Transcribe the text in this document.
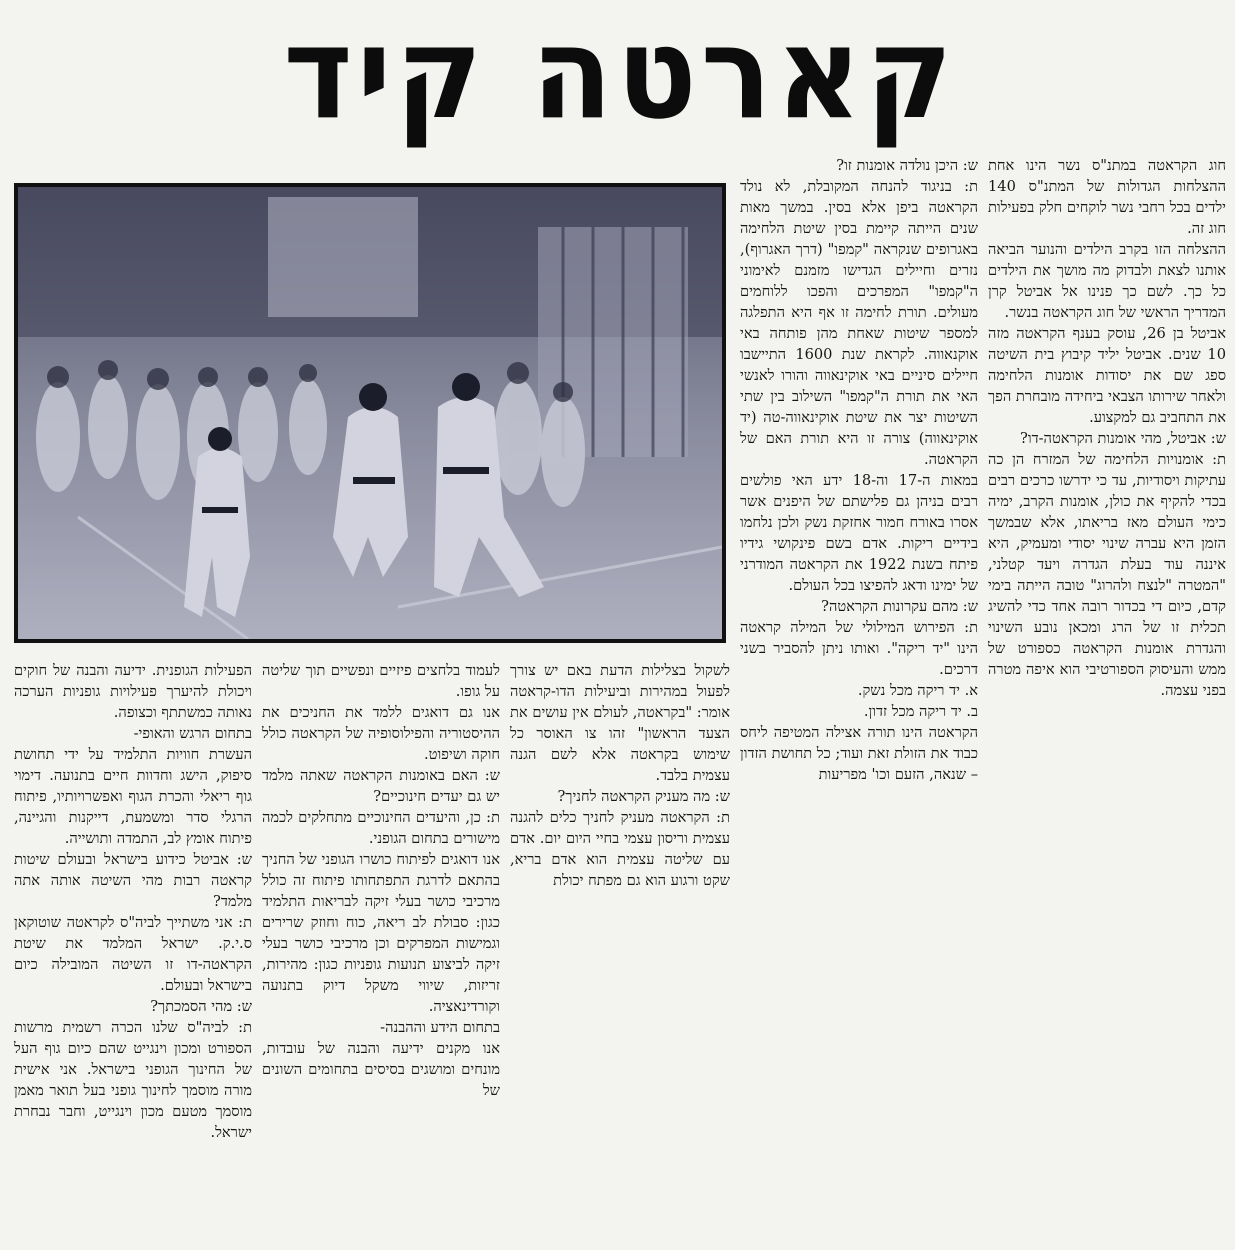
קארטה קיד

חוג הקראטה במתנ"ס נשר הינו אחת ההצלחות הגדולות של המתנ"ס 140 ילדים בכל רחבי נשר לוקחים חלק בפעילות חוג זה.

ההצלחה הזו בקרב הילדים והנוער הביאה אותנו לצאת ולבדוק מה מושך את הילדים כל כך. לשם כך פנינו אל אביטל קרן המדריך הראשי של חוג הקראטה בנשר.

אביטל בן 26, עוסק בענף הקראטה מזה 10 שנים. אביטל יליד קיבוץ בית השיטה ספג שם את יסודות אומנות הלחימה ולאחר שירותו הצבאי ביחידה מובחרת הפך את התחביב גם למקצוע.

ש: אביטל, מהי אומנות הקראטה-דו?

ת: אומנויות הלחימה של המזרח הן כה עתיקות ויסודיות, עד כי ידרשו כרכים רבים בכדי להקיף את כולן, אומנות הקרב, ימיה כימי העולם מאז בריאתו, אלא שבמשך הזמן היא עברה שינוי יסודי ומעמיק, היא איננה עוד בעלת הגדרה ויעד קטלני, "המטרה "לנצח ולהרוג" טובה הייתה בימי קדם, כיום די בכדור רובה אחד כדי להשיג תכלית זו של הרג ומכאן נובע השינוי והגדרת אומנות הקראטה כספורט של ממש והעיסוק הספורטיבי הוא איפה מטרה בפני עצמה.

ש: היכן נולדה אומנות זו?

ת: בניגוד להנחה המקובלת, לא נולד הקראטה ביפן אלא בסין. במשך מאות שנים הייתה קיימת בסין שיטת הלחימה באגרופים שנקראה "קמפו" (דרך האגרוף), נזרים וחיילים הגדישו מזמנם לאימוני ה"קמפו" המפרכים והפכו ללוחמים מעולים. תורת לחימה זו אף היא התפלגה למספר שיטות שאחת מהן פותחה באי אוקנאווה. לקראת שנת 1600 התיישבו חיילים סיניים באי אוקינאווה והורו לאנשי האי את תורת ה"קמפו" השילוב בין שתי השיטות יצר את שיטת אוקינאווה-טה (יד אוקינאווה) צורה זו היא תורת האם של הקראטה.

במאות ה-17 וה-18 ידע האי פולשים רבים בניהן גם פלישתם של היפנים אשר אסרו באורח חמור אחזקת נשק ולכן נלחמו בידיים ריקות. אדם בשם פינקושי גידיו פיתח בשנת 1922 את הקראטה המודרני של ימינו ודאג להפיצו בכל העולם.

ש: מהם עקרונות הקראטה?

ת: הפירוש המילולי של המילה קראטה הינו "יד ריקה". ואותו ניתן להסביר בשני דרכים.

א. יד ריקה מכל נשק.

ב. יד ריקה מכל זדון.

הקראטה הינו תורה אצילה המטיפה ליחס כבוד את הזולת זאת ועוד; כל תחושת הזדון – שנאה, הזעם וכו' מפריעות

לשקול בצלילות הדעת באם יש צורך לפעול במהירות וביעילות הדו-קראטה אומר: "בקראטה, לעולם אין עושים את הצעד הראשון" זהו צו האוסר כל שימוש בקראטה אלא לשם הגנה עצמית בלבד.

ש: מה מעניק הקראטה לחניך?

ת: הקראטה מעניק לחניך כלים להגנה עצמית וריסון עצמי בחיי היום יום. אדם עם שליטה עצמית הוא אדם בריא, שקט ורגוע הוא גם מפתח יכולת

לעמוד בלחצים פיזיים ונפשיים תוך שליטה על גופו.

אנו גם דואגים ללמד את החניכים את ההיסטוריה והפילוסופיה של הקראטה כולל חוקה ושיפוט.

ש: האם באומנות הקראטה שאתה מלמד יש גם יעדים חינוכיים?

ת: כן, והיעדים החינוכיים מתחלקים לכמה מישורים בתחום הגופני.

אנו דואגים לפיתוח כושרו הגופני של החניך בהתאם לדרגת התפתחותו פיתוח זה כולל מרכיבי כושר בעלי זיקה לבריאות התלמיד כגון: סבולת לב ריאה, כוח וחוזק שרירים וגמישות המפרקים וכן מרכיבי כושר בעלי זיקה לביצוע תנועות גופניות כגון: מהירות, זריזות, שיווי משקל דיוק בתנועה וקורדינאציה.

בתחום הידע וההבנה-

אנו מקנים ידיעה והבנה של עובדות, מונחים ומושגים בסיסים בתחומים השונים של

הפעילות הגופנית. ידיעה והבנה של חוקים ויכולת להיערך פעילויות גופניות הערכה נאותה כמשתתף וכצופה.

בתחום הרגש והאופי-

העשרת חוויות התלמיד על ידי תחושת סיפוק, הישג וחדוות חיים בתנועה. דימוי גוף ריאלי והכרת הגוף ואפשרויותיו, פיתוח הרגלי סדר ומשמעת, דייקנות והגיינה, פיתוח אומץ לב, התמדה ותושייה.

ש: אביטל כידוע בישראל ובעולם שיטות קראטה רבות מהי השיטה אותה אתה מלמד?

ת: אני משתייך לביה"ס לקראטה שוטוקאן ס.י.ק. ישראל המלמד את שיטת הקראטה-דו זו השיטה המובילה כיום בישראל ובעולם.

ש: מהי הסמכתך?

ת: לביה"ס שלנו הכרה רשמית מרשות הספורט ומכון וינגייט שהם כיום גוף העל של החינוך הגופני בישראל. אני אישית מורה מוסמך לחינוך גופני בעל תואר מאמן מוסמך מטעם מכון וינגייט, וחבר נבחרת ישראל.
